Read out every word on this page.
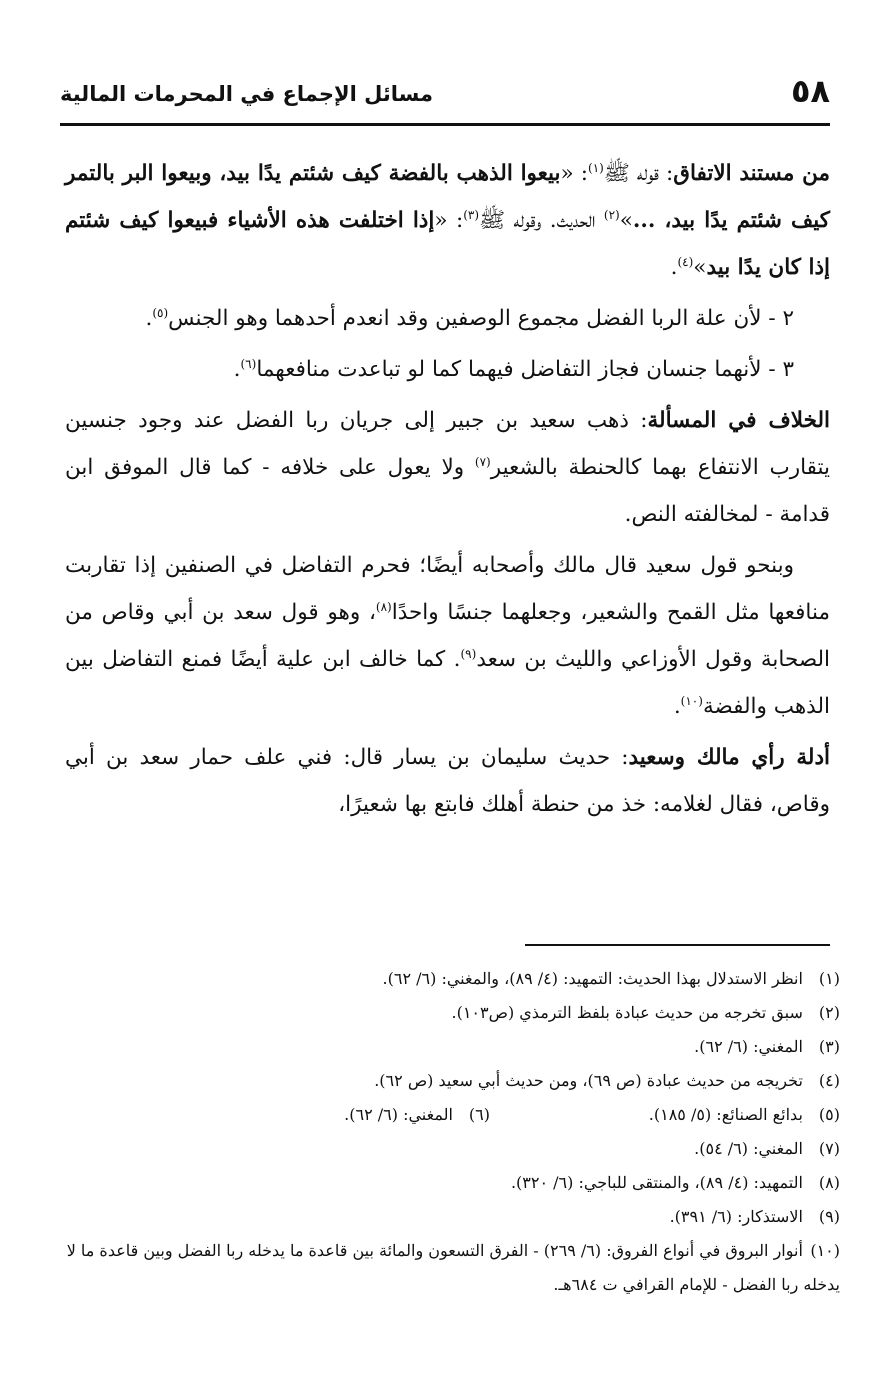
٥٨
مسائل الإجماع في المحرمات المالية

من مستند الاتفاق: قوله ﷺ$^{(١)}$: «بيعوا الذهب بالفضة كيف شئتم يدًا بيد، وبيعوا البر بالتمر كيف شئتم يدًا بيد، ...»$^{(٢)}$ الحديث. وقوله ﷺ$^{(٣)}$: «إذا اختلفت هذه الأشياء فبيعوا كيف شئتم إذا كان يدًا بيد»$^{(٤)}$.

٢ - لأن علة الربا الفضل مجموع الوصفين وقد انعدم أحدهما وهو الجنس$^{(٥)}$.

٣ - لأنهما جنسان فجاز التفاضل فيهما كما لو تباعدت منافعهما$^{(٦)}$.

الخلاف في المسألة: ذهب سعيد بن جبير إلى جريان ربا الفضل عند وجود جنسين يتقارب الانتفاع بهما كالحنطة بالشعير$^{(٧)}$ ولا يعول على خلافه - كما قال الموفق ابن قدامة - لمخالفته النص.

وبنحو قول سعيد قال مالك وأصحابه أيضًا؛ فحرم التفاضل في الصنفين إذا تقاربت منافعها مثل القمح والشعير، وجعلهما جنسًا واحدًا$^{(٨)}$، وهو قول سعد بن أبي وقاص من الصحابة وقول الأوزاعي والليث بن سعد$^{(٩)}$. كما خالف ابن علية أيضًا فمنع التفاضل بين الذهب والفضة$^{(١٠)}$.

أدلة رأي مالك وسعيد: حديث سليمان بن يسار قال: فني علف حمار سعد بن أبي وقاص، فقال لغلامه: خذ من حنطة أهلك فابتع بها شعيرًا،

(١) انظر الاستدلال بهذا الحديث: التمهيد: (٤/ ٨٩)، والمغني: (٦/ ٦٢).

(٢) سبق تخرجه من حديث عبادة بلفظ الترمذي (ص١٠٣).

(٣) المغني: (٦/ ٦٢).

(٤) تخريجه من حديث عبادة (ص ٦٩)، ومن حديث أبي سعيد (ص ٦٢).

(٥) بدائع الصنائع: (٥/ ١٨٥).
(٦) المغني: (٦/ ٦٢).

(٧) المغني: (٦/ ٥٤).

(٨) التمهيد: (٤/ ٨٩)، والمنتقى للباجي: (٦/ ٣٢٠).

(٩) الاستذكار: (٦/ ٣٩١).

(١٠) أنوار البروق في أنواع الفروق: (٦/ ٢٦٩) - الفرق التسعون والمائة بين قاعدة ما يدخله ربا الفضل وبين قاعدة ما لا يدخله ربا الفضل - للإمام القرافي ت ٦٨٤هـ.
